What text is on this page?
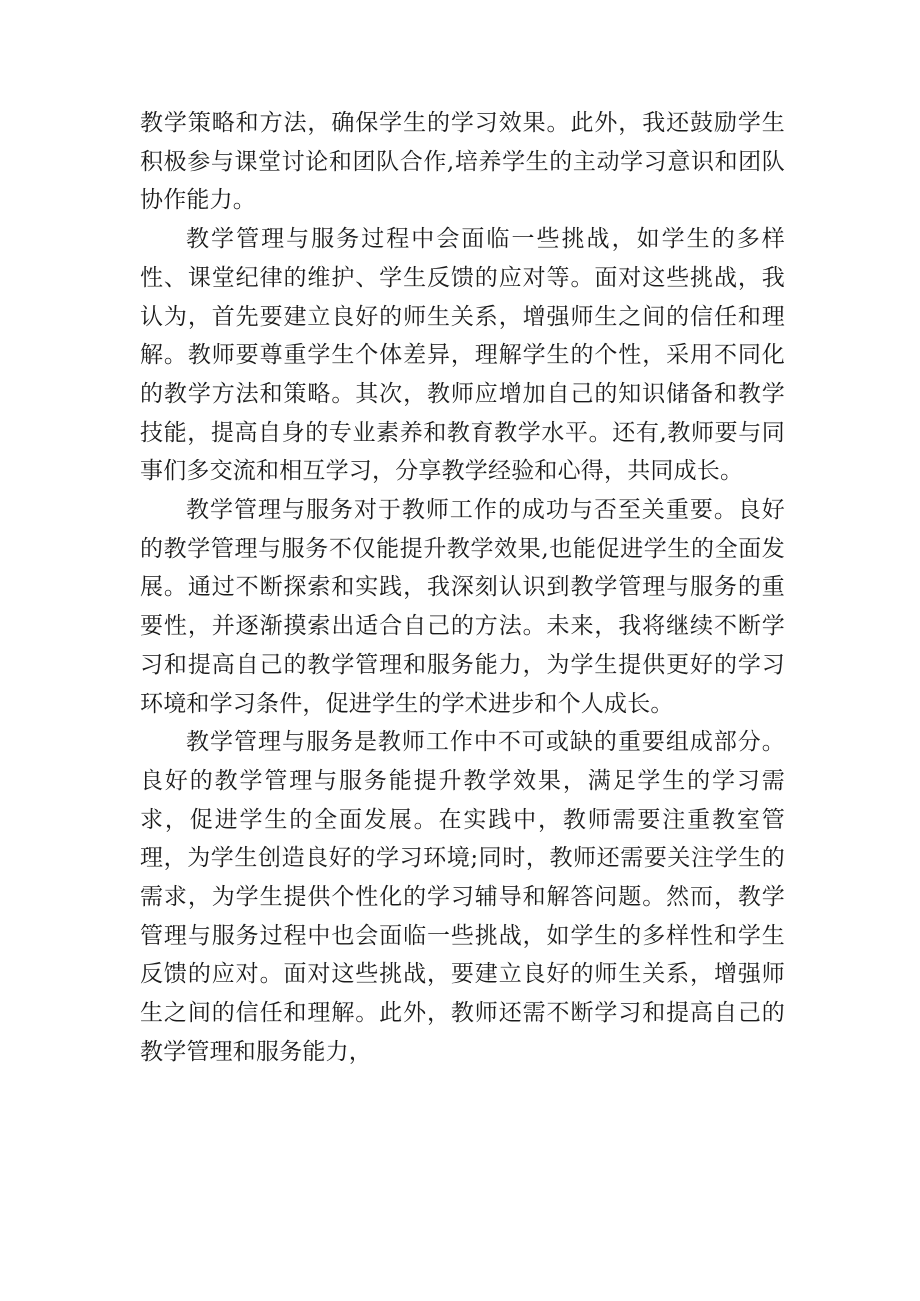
教学策略和方法，确保学生的学习效果。此外，我还鼓励学生积极参与课堂讨论和团队合作,培养学生的主动学习意识和团队协作能力。

教学管理与服务过程中会面临一些挑战，如学生的多样性、课堂纪律的维护、学生反馈的应对等。面对这些挑战，我认为，首先要建立良好的师生关系，增强师生之间的信任和理解。教师要尊重学生个体差异，理解学生的个性，采用不同化的教学方法和策略。其次，教师应增加自己的知识储备和教学技能，提高自身的专业素养和教育教学水平。还有,教师要与同事们多交流和相互学习，分享教学经验和心得，共同成长。

教学管理与服务对于教师工作的成功与否至关重要。良好的教学管理与服务不仅能提升教学效果,也能促进学生的全面发展。通过不断探索和实践，我深刻认识到教学管理与服务的重要性，并逐渐摸索出适合自己的方法。未来，我将继续不断学习和提高自己的教学管理和服务能力，为学生提供更好的学习环境和学习条件，促进学生的学术进步和个人成长。

教学管理与服务是教师工作中不可或缺的重要组成部分。良好的教学管理与服务能提升教学效果，满足学生的学习需求，促进学生的全面发展。在实践中，教师需要注重教室管理，为学生创造良好的学习环境;同时，教师还需要关注学生的需求，为学生提供个性化的学习辅导和解答问题。然而，教学管理与服务过程中也会面临一些挑战，如学生的多样性和学生反馈的应对。面对这些挑战，要建立良好的师生关系，增强师生之间的信任和理解。此外，教师还需不断学习和提高自己的教学管理和服务能力，
